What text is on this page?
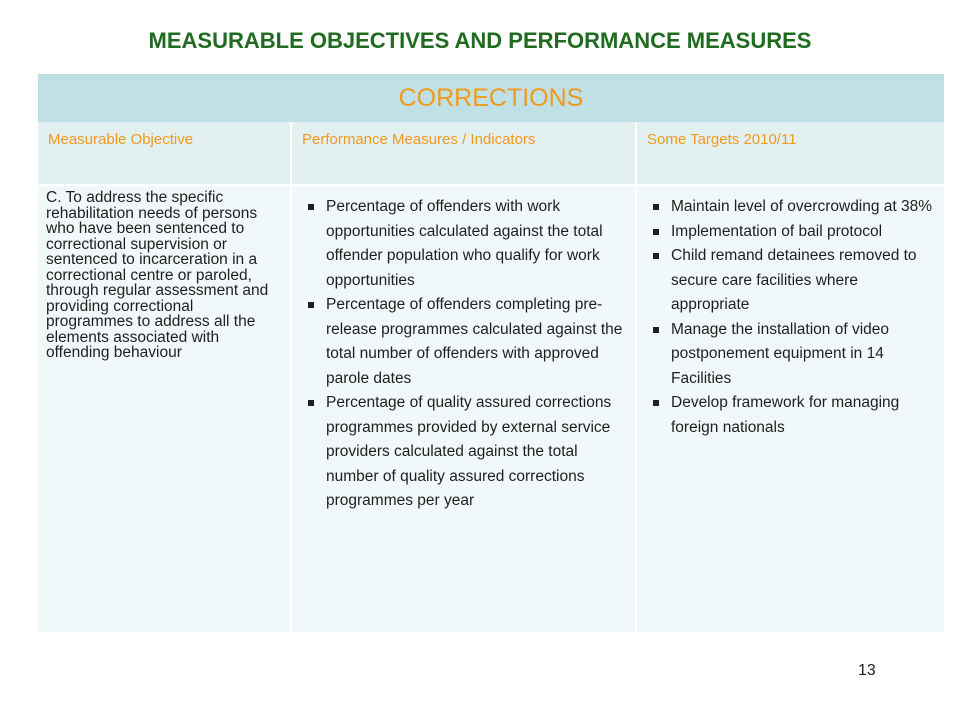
MEASURABLE OBJECTIVES AND PERFORMANCE MEASURES
CORRECTIONS
Measurable Objective	Performance Measures / Indicators	Some Targets 2010/11
C. To address the specific rehabilitation needs of persons who have been sentenced to correctional supervision or sentenced to incarceration in a correctional centre or paroled, through regular assessment and providing correctional programmes to address all the elements associated with offending behaviour
Percentage of offenders with work opportunities calculated against the total offender population who qualify for work opportunities
Percentage of offenders completing pre-release programmes calculated against the total number of offenders with approved parole dates
Percentage of quality assured corrections programmes provided by external service providers calculated against the total number of quality assured corrections programmes per year
Maintain level of overcrowding at 38%
Implementation of bail protocol
Child remand detainees removed to secure care facilities where appropriate
Manage the installation of video postponement equipment in 14 Facilities
Develop framework for managing foreign nationals
13
